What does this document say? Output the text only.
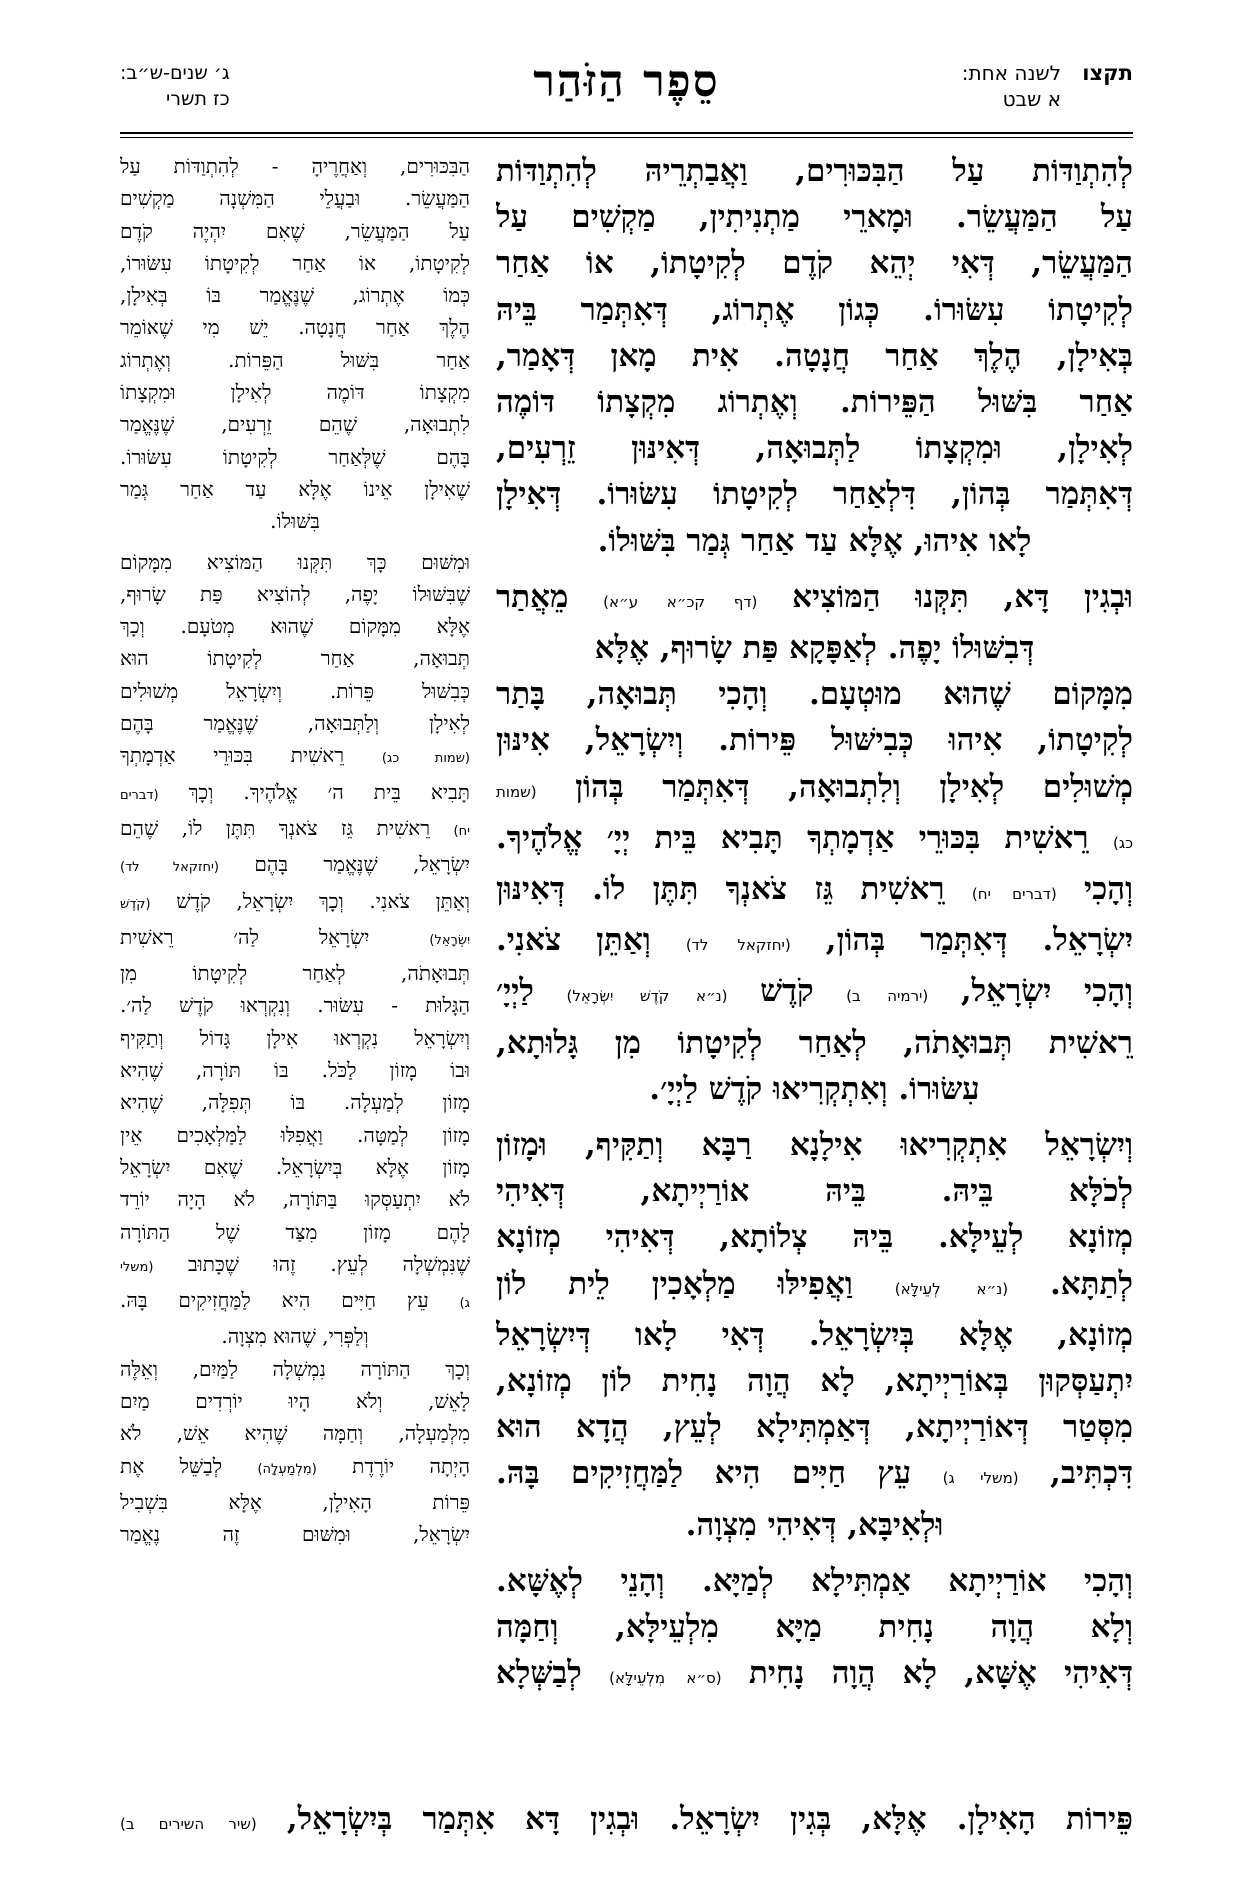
תקצו
לשנה אחת:
א שבט
סֵפֶר הַזֹּהַר
ג׳ שנים-ש״ב:
כז תשרי
לְהִתְוַדּוֹת עַל הַבִּכּוּרִים, וַאֲבַתְרֵיהּ לְהִתְוַדּוֹת
עַל הַמַּעֲשֵׂר. וּמָארֵי מַתְנִיתִין, מַקְשִׁים עַל
הַמַּעֲשֵׂר, דְּאִי יְהֵא קֹדֶם לְקִיטָתוֹ, אוֹ אַחַר
לְקִיטָתוֹ עִשּׂוּרוֹ. כְּגוֹן אֶתְרוֹג, דְּאִתְּמַר בֵּיהּ
בְּאִילָן, הֶלֶךְ אַחַר חֲנָטָה. אִית מָאן דְּאָמַר,
אַחַר בִּשּׁוּל הַפֵּירוֹת. וְאֶתְרוֹג מִקְצָתוֹ דּוֹמֶה
לְאִילָן, וּמִקְצָתוֹ לַתְּבוּאָה, דְּאִינּוּן זֵרְעִים,
דְּאִתְּמַר בְּהוֹן, דִּלְאַחַר לְקִיטָתוֹ עִשּׂוּרוֹ. דְּאִילָן
לָאו אִיהוּ, אֶלָּא עַד אַחַר גְּמַר בִּשּׁוּלוֹ.
וּבְגִין דָּא, תִּקְּנוּ הַמּוֹצִיא (דף קכ״א ע״א) מֵאֲתַר
דְּבִשּׁוּלוֹ יָפֶה. לְאַפָּקָא פַּת שָׂרוּף, אֶלָּא
מִמָּקוֹם שֶׁהוּא מוּטְעָם. וְהָכִי תְּבוּאָה, בָּתַר
לְקִיטָתוֹ, אִיהוּ כְּבִישּׁוּל פֵּירוֹת. וְיִשְׂרָאֵל, אִינּוּן
מְשׁוּלִים לְאִילָן וְלִתְבוּאָה, דְּאִתְּמַר בְּהוֹן (שמות
כג) רֵאשִׁית בִּכּוּרֵי אַדְמָתְךָ תָּבִיא בֵּית יְיָ׳ אֱלֹהֶיךָ.
וְהָכִי (דברים יח) רֵאשִׁית גֵּז צֹאנְךָ תִּתֶּן לוֹ. דְּאִינּוּן
יִשְׂרָאֵל. דְּאִתְּמַר בְּהוֹן, (יחזקאל לד) וְאַתֵּן צֹאנִי.
וְהָכִי יִשְׂרָאֵל, (ירמיה ב) קֹדֶשׁ (נ״א קֹדֶשׁ יִשְׂרָאֵל) לַיְיָ׳
רֵאשִׁית תְּבוּאָתֹה, לְאַחַר לְקִיטָתוֹ מִן גָּלוּתָא,
עִשּׂוּרוֹ. וְאִתְקְרִיאוּ קֹדֶשׁ לַיְיָ׳.
וְיִשְׂרָאֵל אִתְקְרִיאוּ אִילָנָא רַבָּא וְתַקִּיף, וּמָזוֹן
לְכֹלָּא בֵּיהּ. בֵּיהּ אוֹרַיְיתָא, דְּאִיהִי
מְזוֹנָא לְעֵילָּא. בֵּיהּ צְלוֹתָא, דְּאִיהִי מְזוֹנָא
לְתַתָּא. (נ״א לְעֵילָּא) וַאֲפִילּוּ מַלְאָכִין לֵית לוֹן
מְזוֹנָא, אֶלָּא בְּיִשְׂרָאֵל. דְּאִי לָאו דְּיִשְׂרָאֵל
יִתְעַסְּקוּן בְּאוֹרַיְיתָא, לָא הֲוָה נָחִית לוֹן מְזוֹנָא,
מִסְּטַר דְּאוֹרַיְיתָא, דְּאַמְתִּילָא לְעֵץ, הֲדָא הוּא
דִּכְתִּיב, (משלי ג) עֵץ חַיִּים הִיא לַמַּחֲזִיקִים בָּהּ.
וּלְאִיבָּא, דְּאִיהִי מִצְוָה.
וְהָכִי אוֹרַיְיתָא אַמְתִּילָא לְמַיָּא. וְהָנֵי לְאֶשָּׁא.
וְלָא הֲוָה נָחִית מַיָּא מִלְעֵילָּא, וְחַמָּה
דְּאִיהִי אֶשָּׁא, לָא הֲוָה נָחִית (ס״א מִלְעֵילָּא) לְבַשְּׁלָא
הַבִּכּוּרִים, וְאַחֲרֶיהָ - לְהִתְוַדּוֹת עַל
הַמַּעֲשֵׂר. וּבַעֲלֵי הַמִּשְׁנָה מַקְשִׁים
עַל הַמַּעֲשֵׂר, שֶׁאִם יִהְיֶה קֹדֶם
לְקִיטָתוֹ, אוֹ אַחַר לְקִיטָתוֹ עִשּׂוּרוֹ,
כְּמוֹ אֶתְרוֹג, שֶׁנֶּאֱמַר בּוֹ בְּאִילָן,
הֶלֶךְ אַחַר חֲנָטָה. יֵשׁ מִי שֶׁאוֹמֵר
אַחַר בִּשּׁוּל הַפֵּרוֹת. וְאֶתְרוֹג
מִקְצָתוֹ דּוֹמֶה לְאִילָן וּמִקְצָתוֹ
לִתְבוּאָה, שֶׁהֵם זֵרְעִים, שֶׁנֶּאֱמַר
בָּהֶם שֶׁלְּאַחַר לְקִיטָתוֹ עִשּׂוּרוֹ.
שֶׁאִילָן אֵינוֹ אֶלָּא עַד אַחַר גְּמַר
בִּשּׁוּלוֹ.
וּמִשּׁוּם כָּךְ תִּקְּנוּ הַמּוֹצִיא מִמָּקוֹם
שֶׁבִּשּׁוּלוֹ יָפֶה, לְהוֹצִיא פַּת שָׂרוּף,
אֶלָּא מִמָּקוֹם שֶׁהוּא מְטֹעָם. וְכָךְ
תְּבוּאָה, אַחַר לְקִיטָתוֹ הוּא
כְּבִשּׁוּל פֵּרוֹת. וְיִשְׂרָאֵל מְשׁוּלִים
לְאִילָן וְלַתְּבוּאָה, שֶׁנֶּאֱמַר בָּהֶם
(שמות כג) רֵאשִׁית בִּכּוּרֵי אַדְמָתְךָ
תָּבִיא בֵּית ה׳ אֱלֹהֶיךָ. וְכָךְ (דברים
יח) רֵאשִׁית גֵּז צֹאנְךָ תִּתֶּן לוֹ, שֶׁהֵם
יִשְׂרָאֵל, שֶׁנֶּאֱמַר בָּהֶם (יחזקאל לד)
וְאַתֵּן צֹאנִי. וְכָךְ יִשְׂרָאֵל, קֹדֶשׁ (קֹדֶשׁ
יִשְׂרָאֵל) יִשְׂרָאֵל לַה׳ רֵאשִׁית
תְּבוּאָתֹה, לְאַחַר לְקִיטָתוֹ מִן
הַגָּלוּת - עִשּׂוּר. וְנִקְרְאוּ קֹדֶשׁ לַה׳.
וְיִשְׂרָאֵל נִקְרְאוּ אִילָן גָּדוֹל וְתַקִּיף
וּבוֹ מָזוֹן לַכֹּל. בּוֹ תּוֹרָה, שֶׁהִיא
מָזוֹן לְמַעְלָה. בּוֹ תְּפִלָּה, שֶׁהִיא
מָזוֹן לְמַטָּה. וַאֲפִלּוּ לַמַּלְאָכִים אֵין
מָזוֹן אֶלָּא בְּיִשְׂרָאֵל. שֶׁאִם יִשְׂרָאֵל
לֹא יִתְעַסְּקוּ בַּתּוֹרָה, לֹא הָיָה יוֹרֵד
לָהֶם מָזוֹן מִצַּד שֶׁל הַתּוֹרָה
שֶׁנִּמְשְׁלָה לְעֵץ. זֶהוּ שֶׁכָּתוּב (משלי
ג) עֵץ חַיִּים הִיא לַמַּחֲזִיקִים בָּהּ.
וְלַפְּרִי, שֶׁהוּא מִצְוָה.
וְכָךְ הַתּוֹרָה נִמְשְׁלָה לַמַּיִם, וְאֵלֶּה
לָאֵשׁ, וְלֹא הָיוּ יוֹרְדִים מַיִם
מִלְמַעְלָה, וְחַמָּה שֶׁהִיא אֵשׁ, לֹא
הָיְתָה יוֹרֶדֶת (מִלְמַעְלָה) לְבַשֵּׁל אֶת
פֵּרוֹת הָאִילָן, אֶלָּא בִּשְׁבִיל
יִשְׂרָאֵל, וּמִשּׁוּם זֶה נֶאֱמַר
פֵּירוֹת הָאִילָן. אֶלָּא, בְּגִין יִשְׂרָאֵל. וּבְגִין דָּא אִתְּמַר בְּיִשְׂרָאֵל, (שיר השירים ב)
